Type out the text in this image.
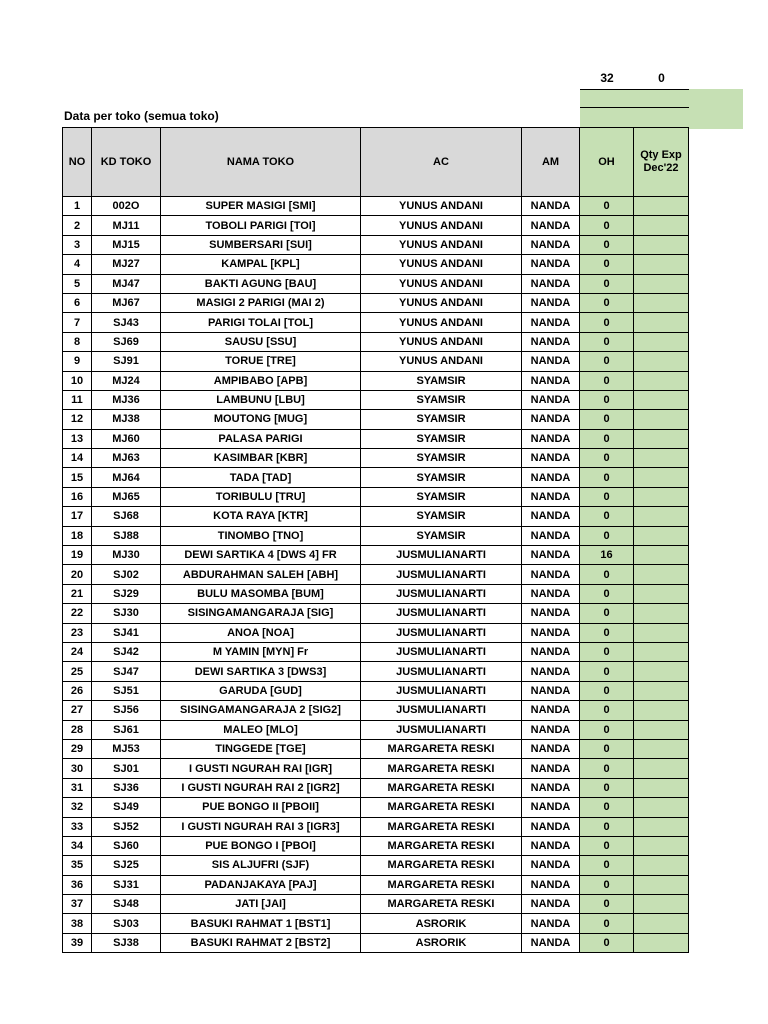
32	0
Data per toko (semua toko)
NO	KD TOKO	NAMA TOKO	AC	AM	OH	Qty Exp Dec'22
1	002O	SUPER MASIGI [SMI]	YUNUS ANDANI	NANDA	0	
2	MJ11	TOBOLI PARIGI [TOI]	YUNUS ANDANI	NANDA	0	
3	MJ15	SUMBERSARI [SUI]	YUNUS ANDANI	NANDA	0	
4	MJ27	KAMPAL [KPL]	YUNUS ANDANI	NANDA	0	
5	MJ47	BAKTI AGUNG [BAU]	YUNUS ANDANI	NANDA	0	
6	MJ67	MASIGI 2 PARIGI (MAI 2)	YUNUS ANDANI	NANDA	0	
7	SJ43	PARIGI TOLAI [TOL]	YUNUS ANDANI	NANDA	0	
8	SJ69	SAUSU [SSU]	YUNUS ANDANI	NANDA	0	
9	SJ91	TORUE [TRE]	YUNUS ANDANI	NANDA	0	
10	MJ24	AMPIBABO [APB]	SYAMSIR	NANDA	0	
11	MJ36	LAMBUNU [LBU]	SYAMSIR	NANDA	0	
12	MJ38	MOUTONG [MUG]	SYAMSIR	NANDA	0	
13	MJ60	PALASA PARIGI	SYAMSIR	NANDA	0	
14	MJ63	KASIMBAR [KBR]	SYAMSIR	NANDA	0	
15	MJ64	TADA [TAD]	SYAMSIR	NANDA	0	
16	MJ65	TORIBULU [TRU]	SYAMSIR	NANDA	0	
17	SJ68	KOTA RAYA [KTR]	SYAMSIR	NANDA	0	
18	SJ88	TINOMBO [TNO]	SYAMSIR	NANDA	0	
19	MJ30	DEWI SARTIKA 4 [DWS 4] FR	JUSMULIANARTI	NANDA	16	
20	SJ02	ABDURAHMAN SALEH [ABH]	JUSMULIANARTI	NANDA	0	
21	SJ29	BULU MASOMBA [BUM]	JUSMULIANARTI	NANDA	0	
22	SJ30	SISINGAMANGARAJA [SIG]	JUSMULIANARTI	NANDA	0	
23	SJ41	ANOA [NOA]	JUSMULIANARTI	NANDA	0	
24	SJ42	M YAMIN [MYN] Fr	JUSMULIANARTI	NANDA	0	
25	SJ47	DEWI SARTIKA 3 [DWS3]	JUSMULIANARTI	NANDA	0	
26	SJ51	GARUDA [GUD]	JUSMULIANARTI	NANDA	0	
27	SJ56	SISINGAMANGARAJA 2 [SIG2]	JUSMULIANARTI	NANDA	0	
28	SJ61	MALEO [MLO]	JUSMULIANARTI	NANDA	0	
29	MJ53	TINGGEDE [TGE]	MARGARETA RESKI	NANDA	0	
30	SJ01	I GUSTI NGURAH RAI [IGR]	MARGARETA RESKI	NANDA	0	
31	SJ36	I GUSTI NGURAH RAI 2 [IGR2]	MARGARETA RESKI	NANDA	0	
32	SJ49	PUE BONGO II [PBOII]	MARGARETA RESKI	NANDA	0	
33	SJ52	I GUSTI NGURAH RAI 3 [IGR3]	MARGARETA RESKI	NANDA	0	
34	SJ60	PUE BONGO I [PBOI]	MARGARETA RESKI	NANDA	0	
35	SJ25	SIS ALJUFRI (SJF)	MARGARETA RESKI	NANDA	0	
36	SJ31	PADANJAKAYA [PAJ]	MARGARETA RESKI	NANDA	0	
37	SJ48	JATI [JAI]	MARGARETA RESKI	NANDA	0	
38	SJ03	BASUKI RAHMAT 1 [BST1]	ASRORIK	NANDA	0	
39	SJ38	BASUKI RAHMAT 2 [BST2]	ASRORIK	NANDA	0	
